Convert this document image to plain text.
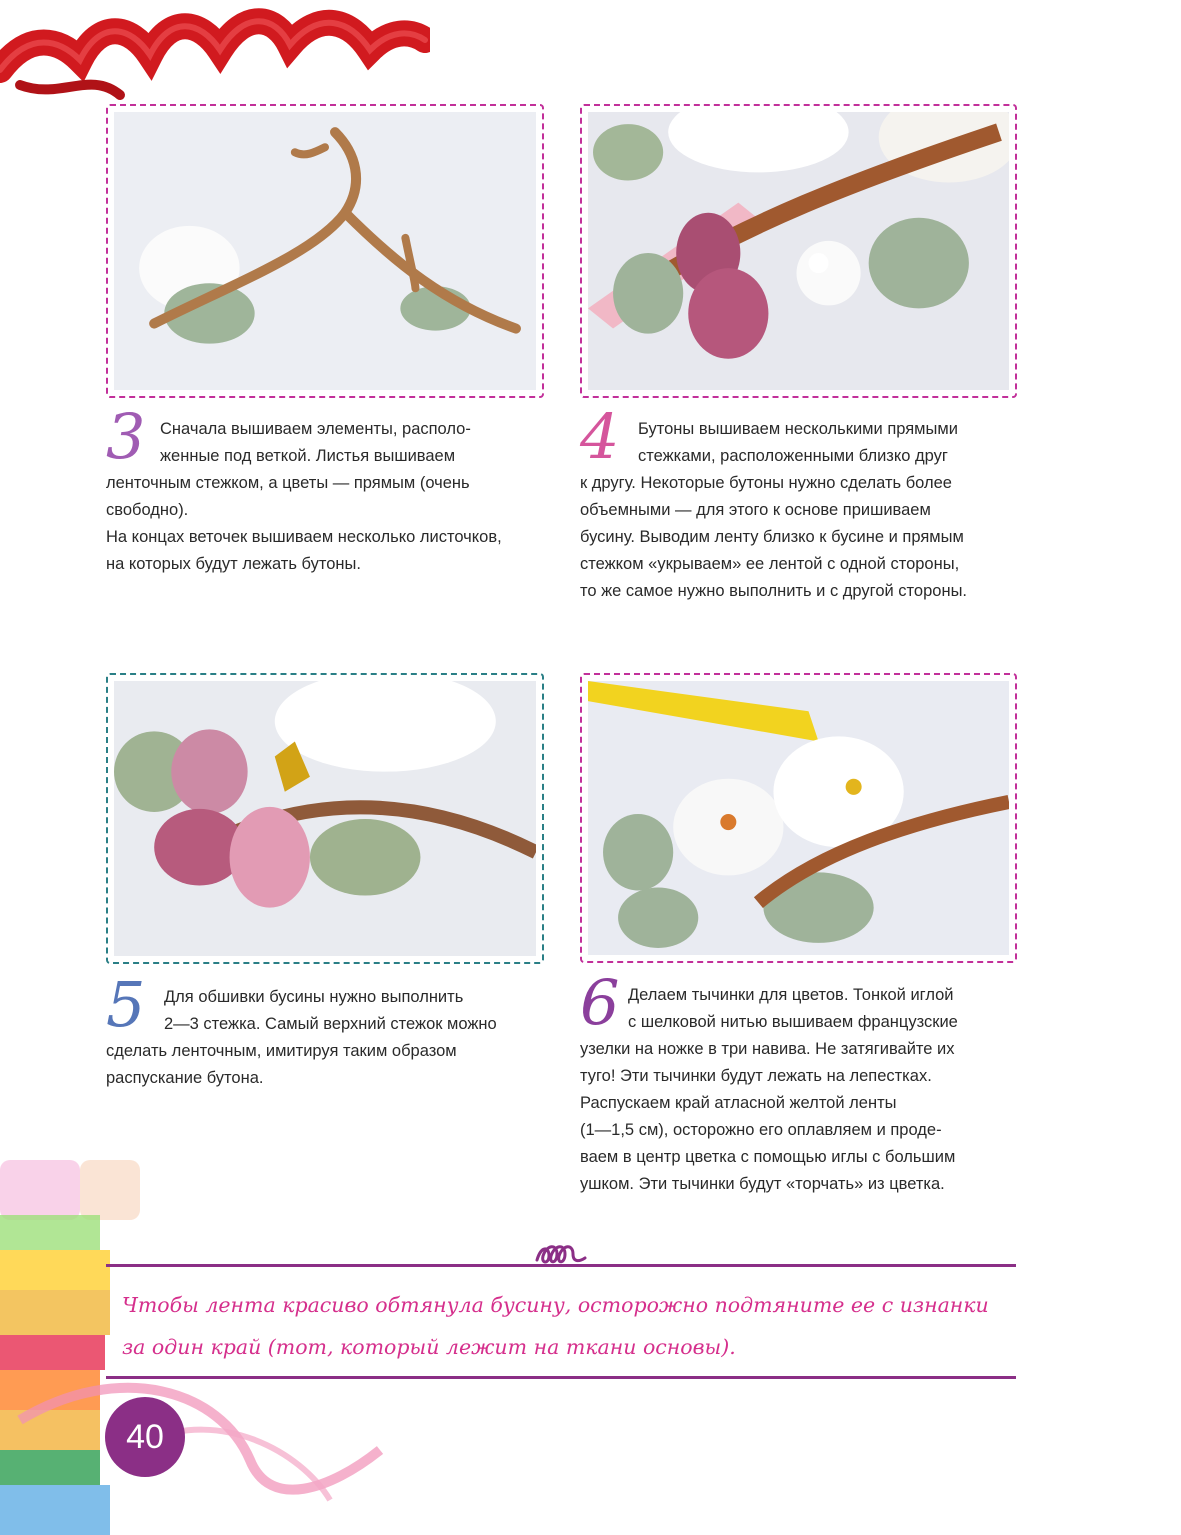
3 Сначала вышиваем элементы, располо-

женные под веткой. Листья вышиваем

ленточным стежком, а цветы — прямым (очень

свободно).

На концах веточек вышиваем несколько листочков,

на которых будут лежать бутоны.

4	Бутоны вышиваем несколькими прямыми

стежками, расположенными близко друг

к другу. Некоторые бутоны нужно сделать более

объемными — для этого к основе пришиваем

бусину. Выводим ленту близко к бусине и прямым

стежком «укрываем» ее лентой с одной стороны,

то же самое нужно выполнить и с другой стороны.

5	Для обшивки бусины нужно выполнить

2—3 стежка. Самый верхний стежок можно

сделать ленточным, имитируя таким образом

распускание бутона.

6 Делаем тычинки для цветов. Тонкой иглой

с шелковой нитью вышиваем французские

узелки на ножке в три навива. Не затягивайте их

туго! Эти тычинки будут лежать на лепестках.

Распускаем край атласной желтой ленты

(1—1,5 см), осторожно его оплавляем и проде-

ваем в центр цветка с помощью иглы с большим

ушком. Эти тычинки будут «торчать» из цветка.

Чтобы лента красиво обтянула бусину, осторожно подтяните ее с изнанки
за один край (тот, который лежит на ткани основы).
40
